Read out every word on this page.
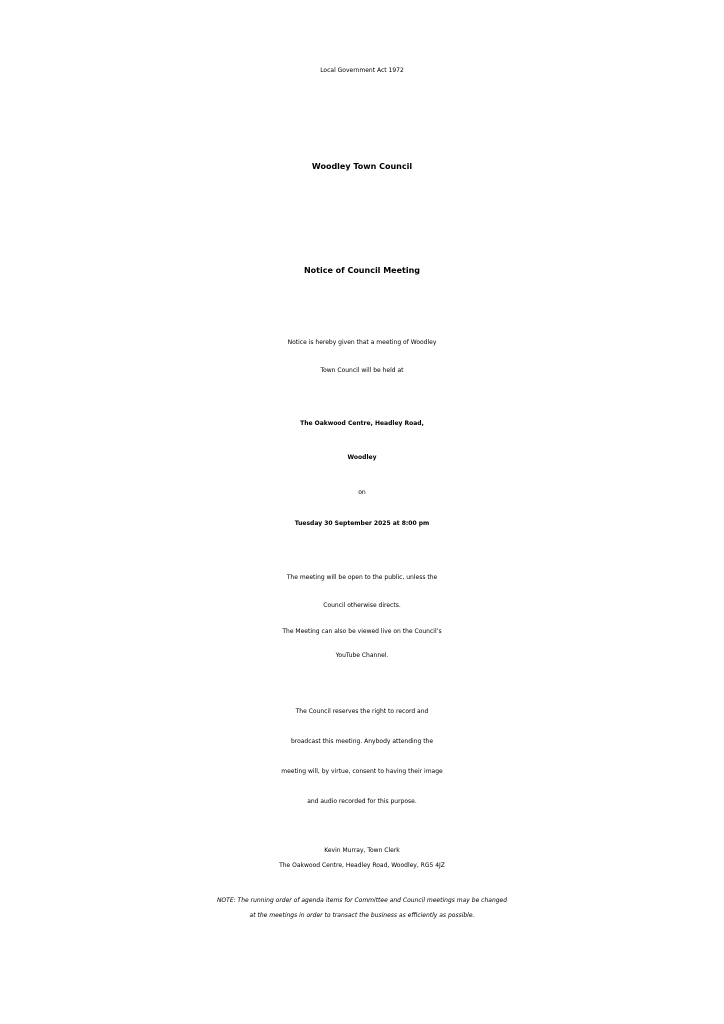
Local Government Act 1972
Woodley Town Council
Notice of Council Meeting
Notice is hereby given that a meeting of Woodley
Town Council will be held at
The Oakwood Centre, Headley Road,
Woodley
on
Tuesday 30 September 2025 at 8:00 pm
The meeting will be open to the public, unless the
Council otherwise directs.
The Meeting can also be viewed live on the Council’s
YouTube Channel.
The Council reserves the right to record and
broadcast this meeting. Anybody attending the
meeting will, by virtue, consent to having their image
and audio recorded for this purpose.
Kevin Murray, Town Clerk
The Oakwood Centre, Headley Road, Woodley, RG5 4JZ
NOTE: The running order of agenda items for Committee and Council meetings may be changed
at the meetings in order to transact the business as efficiently as possible.
